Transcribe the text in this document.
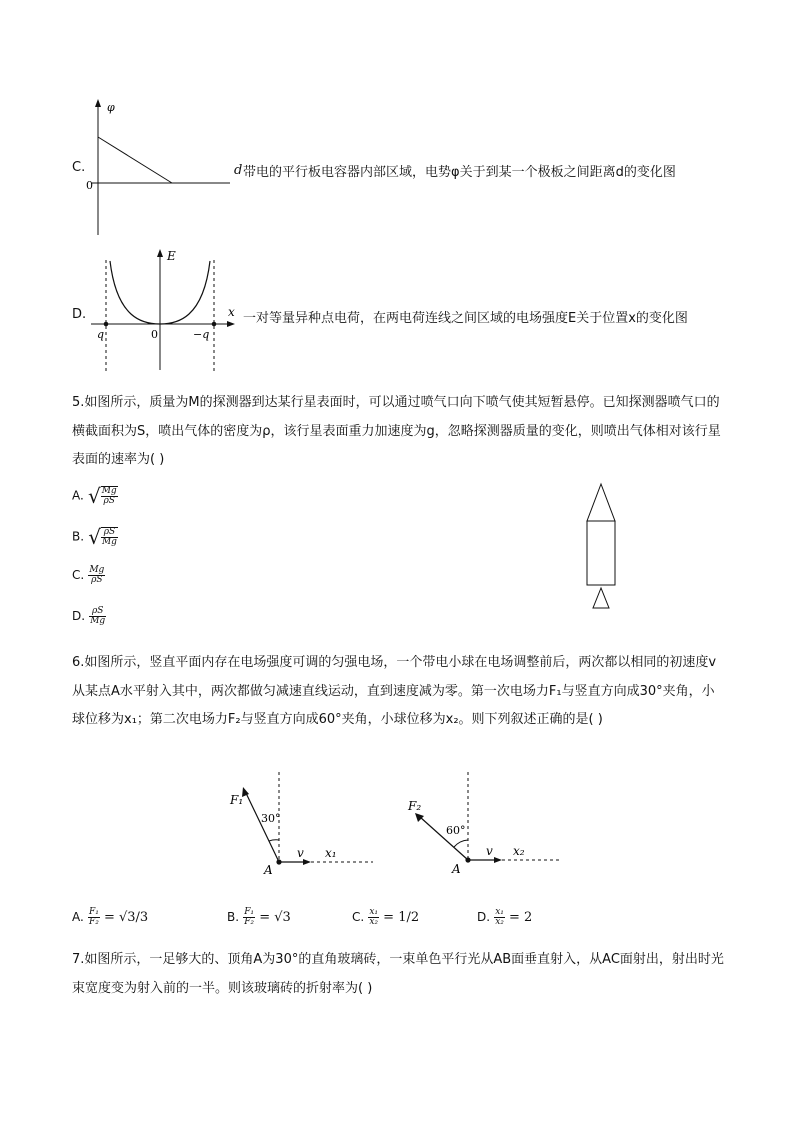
C.
φ
0
d 带电的平行板电容器内部区域，电势φ关于到某一个极板之间距离d的变化图
D.
E
x
0
q	−q
一对等量异种点电荷，在两电荷连线之间区域的电场强度E关于位置x的变化图
5.如图所示，质量为M的探测器到达某行星表面时，可以通过喷气口向下喷气使其短暂悬停。已知探测器喷气口的横截面积为S，喷出气体的密度为ρ，该行星表面重力加速度为g，忽略探测器质量的变化，则喷出气体相对该行星表面的速率为( )
A. √ $\frac{Mg}{\rho S}$
B. √ $\frac{\rho S}{Mg}$
C. $\frac{Mg}{\rho S}$
D. $\frac{\rho S}{Mg}$
6.如图所示，竖直平面内存在电场强度可调的匀强电场，一个带电小球在电场调整前后，两次都以相同的初速度v从某点A水平射入其中，两次都做匀减速直线运动，直到速度减为零。第一次电场力F₁与竖直方向成30°夹角，小球位移为x₁；第二次电场力F₂与竖直方向成60°夹角，小球位移为x₂。则下列叙述正确的是( )
F₁
30°
A
v x₁
F₂
60°
A
v x₂
A. $\frac{\text{F₁}}{\text{F₂}} = √3/3$	B. $\frac{\text{F₁}}{\text{F₂}} = √3$	C. $\frac{\text{x₁}}{\text{x₂}} = 1/2$	D. $\frac{\text{x₁}}{\text{x₂}} = 2$
7.如图所示，一足够大的、顶角A为30°的直角玻璃砖，一束单色平行光从AB面垂直射入，从AC面射出，射出时光束宽度变为射入前的一半。则该玻璃砖的折射率为( )
